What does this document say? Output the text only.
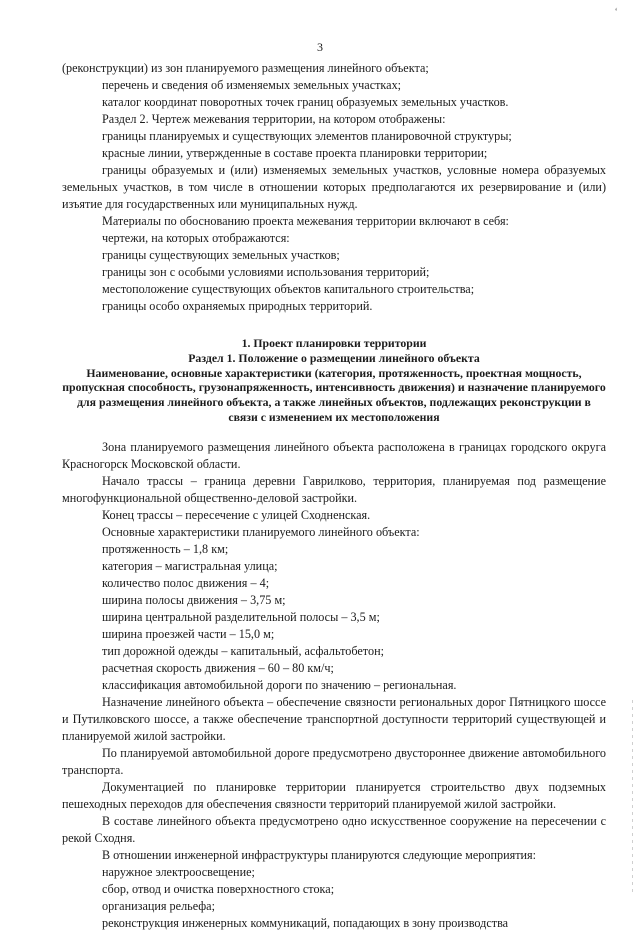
ʻ
3

(реконструкции) из зон планируемого размещения линейного объекта;

перечень и сведения об изменяемых земельных участках;

каталог координат поворотных точек границ образуемых земельных участков.

Раздел 2. Чертеж межевания территории, на котором отображены:

границы планируемых и существующих элементов планировочной структуры;

красные линии, утвержденные в составе проекта планировки территории;

границы образуемых и (или) изменяемых земельных участков, условные номера образуемых земельных участков, в том числе в отношении которых предполагаются их резервирование и (или) изъятие для государственных или муниципальных нужд.

Материалы по обоснованию проекта межевания территории включают в себя:

чертежи, на которых отображаются:

границы существующих земельных участков;

границы зон с особыми условиями использования территорий;

местоположение существующих объектов капитального строительства;

границы особо охраняемых природных территорий.

1. Проект планировки территории

Раздел 1. Положение о размещении линейного объекта

Наименование, основные характеристики (категория, протяженность, проектная мощность, пропускная способность, грузонапряженность, интенсивность движения) и назначение планируемого для размещения линейного объекта, а также линейных объектов, подлежащих реконструкции в связи с изменением их местоположения

Зона планируемого размещения линейного объекта расположена в границах городского округа Красногорск Московской области.

Начало трассы – граница деревни Гаврилково, территория, планируемая под размещение многофункциональной общественно-деловой застройки.

Конец трассы – пересечение с улицей Сходненская.

Основные характеристики планируемого линейного объекта:

протяженность – 1,8 км;

категория – магистральная улица;

количество полос движения – 4;

ширина полосы движения – 3,75 м;

ширина центральной разделительной полосы – 3,5 м;

ширина проезжей части – 15,0 м;

тип дорожной одежды – капитальный, асфальтобетон;

расчетная скорость движения – 60 – 80 км/ч;

классификация автомобильной дороги по значению – региональная.

Назначение линейного объекта – обеспечение связности региональных дорог Пятницкого шоссе и Путилковского шоссе, а также обеспечение транспортной доступности территорий существующей и планируемой жилой застройки.

По планируемой автомобильной дороге предусмотрено двустороннее движение автомобильного транспорта.

Документацией по планировке территории планируется строительство двух подземных пешеходных переходов для обеспечения связности территорий планируемой жилой застройки.

В составе линейного объекта предусмотрено одно искусственное сооружение на пересечении с рекой Сходня.

В отношении инженерной инфраструктуры планируются следующие мероприятия:

наружное электроосвещение;

сбор, отвод и очистка поверхностного стока;

организация рельефа;

реконструкция инженерных коммуникаций, попадающих в зону производства
